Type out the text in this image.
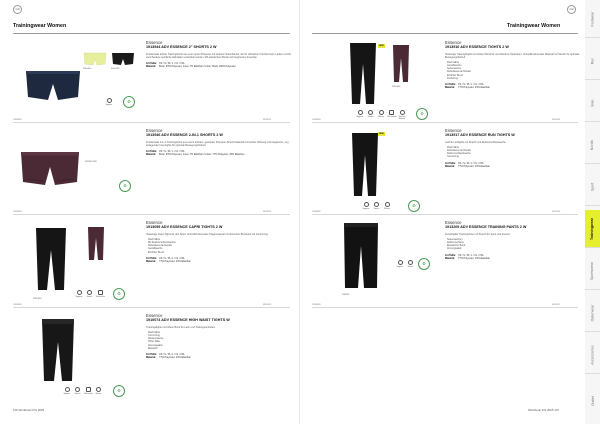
craft
Trainingwear Women
999x840	600x999
Hygiene
♻
Essence
1913944 ADV ESSENCE 2" SHORTS 2 W
Funktionelle leichte Trainingshorts aus einer guten Polyester mit leichtem Stretchanteil, die für ultimativen Komfort beim Laufen und für verschiedene sportliche Aktivitäten entwickelt wurden. Mit elastischem Bund und integriertem Innenslip.
Gr./Taille: XS / S / M / L / XL / XXL
Material: Body: 93% Polyester, Innen 7% Elasthan, Futter: Body 100% Polyester
1999999	WF3011
999999 NW
♻
Essence
1913946 ADV ESSENCE 2-IN-1 SHORTS 2 W
Funktionelle 2-in-1-Trainingshorts aus einem leichten, gewebten Polyester-Stretch-Material mit leichter Wirkung und integrierter, eng anliegender Innentights für optimale Bewegungsfreiheit.
Gr./Taille: XS / S / M / L / XL / XXL
Material: Body: 93% Polyester, Innen 7% Elasthan, Futter: 77% Polyester, 23% Elasthan
1999999	WF3012
999x999
Hygiene	Stretch	Flachnähte
♻
Essence
1913059 ADV ESSENCE CAPRI TIGHTS 2 W
Vielseitige Capri-Tights für den Sport. Schnelltrocknendes Trägermaterial mit dezentem Brustrand mit Gummizug.
Flachnähte
Mit Reißverschlusstasche
Reflektierende Details
Gesäßtasche
Erhöhter Bund
Gr./Taille: XS / S / M / L / XL / XXL
Material: 77% Polyester, 23% Elasthan
1999999	WF3013
Hygiene	Stretch	Flachnähte	Wärme
♻
Essence
1910074 ADV ESSENCE HIGH WAIST TIGHTS W
Trainingstights mit hohem Bund für Lauf- und Trainingseinheiten.
Flachnähte
Gummizug
Rückentasche
Hohe Taille
Atmungsaktiv
Elastisch
Gr./Taille: XS / S / M / L / XL / XXL
Material: 77% Polyester, 23% Elasthan
106 Workbook F/S 2025
craft
Trainingwear Women
NEW
999x999
Hygiene	Stretch	Wärme	Flachnähte	Weiches Material
♻
Essence
1913916 ADV ESSENCE TIGHTS 2 W
Vielseitige Trainingstights mit hohem Bund für verschiedene Sportarten. Schnelltrocknendes Material mit Stretch für optimale Bewegungsfreiheit.
Flachnähte
Gesäßtasche
Seitentasche
Reflektierende Details
Erhöhter Bund
Kordelzug
Gr./Taille: XS / S / M / L / XL / XXL
Material: 77% Polyester, 23% Elasthan
1999999	WF3015
NEW
Hygiene	Stretch	Wärme
♻
Essence
1913917 ADV ESSENCE RUN TIGHTS W
Leichte Lauftights mit Stretch und Reißverschlusstasche.
Flachnähte
Reflektierende Details
Reißverschlusstasche
Gummizug
Gr./Taille: XS / S / M / L / XL / XXL
Material: 77% Polyester, 23% Elasthan
1999999	WF3016
Hygiene	Stretch
999999
♻
Essence
1913209 ADV ESSENCE TRAINING PANTS 2 W
Komfortable Trainingshose mit Stretch für Sport und Freizeit.
Seitentaschen
Reißverschluss
Elastischer Bund
Atmungsaktiv
Gr./Taille: XS / S / M / L / XL / XXL
Material: 77% Polyester, 23% Elasthan
1999999	WF3017
Workbook F/S 2025 107
Footwear
Run
Bike
Nordic
Sport
Trainingwear
Sportswear
Outerwear
Accessories
Outlet
